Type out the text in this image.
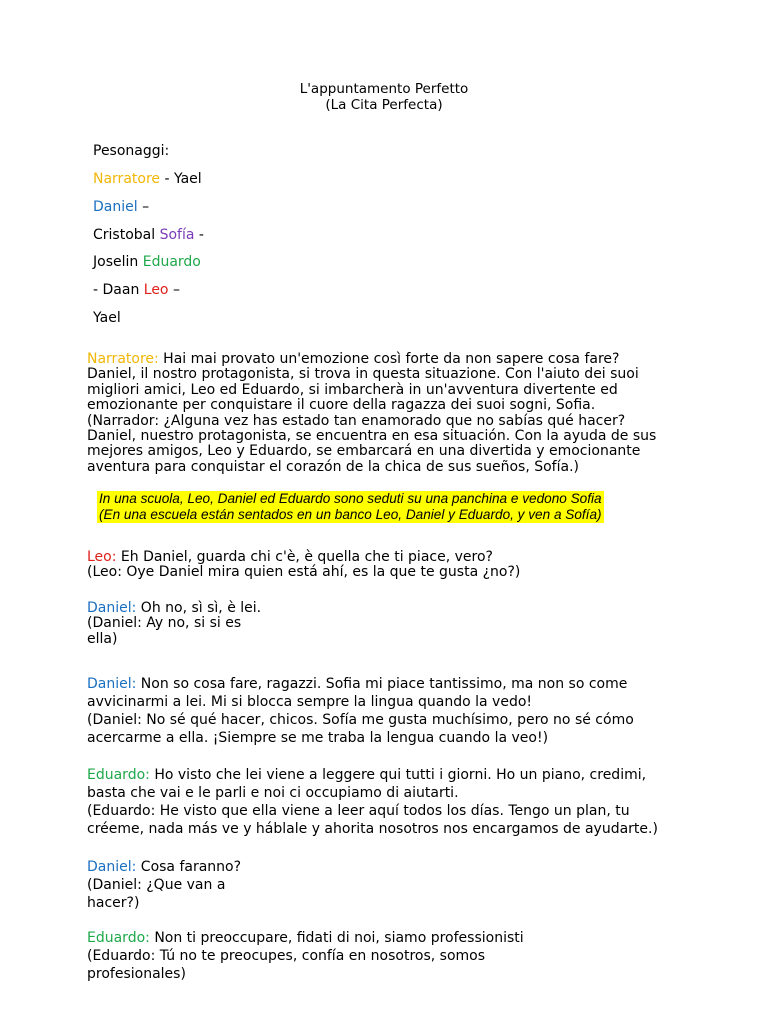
L'appuntamento Perfetto
(La Cita Perfecta)
Pesonaggi:
Narratore - Yael
Daniel –
Cristobal Sofía -
Joselin Eduardo
- Daan Leo –
Yael
Narratore: Hai mai provato un'emozione così forte da non sapere cosa fare?
Daniel, il nostro protagonista, si trova in questa situazione. Con l'aiuto dei suoi
migliori amici, Leo ed Eduardo, si imbarcherà in un'avventura divertente ed
emozionante per conquistare il cuore della ragazza dei suoi sogni, Sofia.
(Narrador: ¿Alguna vez has estado tan enamorado que no sabías qué hacer?
Daniel, nuestro protagonista, se encuentra en esa situación. Con la ayuda de sus
mejores amigos, Leo y Eduardo, se embarcará en una divertida y emocionante
aventura para conquistar el corazón de la chica de sus sueños, Sofía.)
In una scuola, Leo, Daniel ed Eduardo sono seduti su una panchina e vedono Sofia
(En una escuela están sentados en un banco Leo, Daniel y Eduardo, y ven a Sofía)
Leo: Eh Daniel, guarda chi c'è, è quella che ti piace, vero?
(Leo: Oye Daniel mira quien está ahí, es la que te gusta ¿no?)
Daniel: Oh no, sì sì, è lei.
(Daniel: Ay no, si si es
ella)
Daniel: Non so cosa fare, ragazzi. Sofia mi piace tantissimo, ma non so come
avvicinarmi a lei. Mi si blocca sempre la lingua quando la vedo!
(Daniel: No sé qué hacer, chicos. Sofía me gusta muchísimo, pero no sé cómo
acercarme a ella. ¡Siempre se me traba la lengua cuando la veo!)
Eduardo: Ho visto che lei viene a leggere qui tutti i giorni. Ho un piano, credimi,
basta che vai e le parli e noi ci occupiamo di aiutarti.
(Eduardo: He visto que ella viene a leer aquí todos los días. Tengo un plan, tu
créeme, nada más ve y háblale y ahorita nosotros nos encargamos de ayudarte.)
Daniel: Cosa faranno?
(Daniel: ¿Que van a
hacer?)
Eduardo: Non ti preoccupare, fidati di noi, siamo professionisti
(Eduardo: Tú no te preocupes, confía en nosotros, somos
profesionales)
